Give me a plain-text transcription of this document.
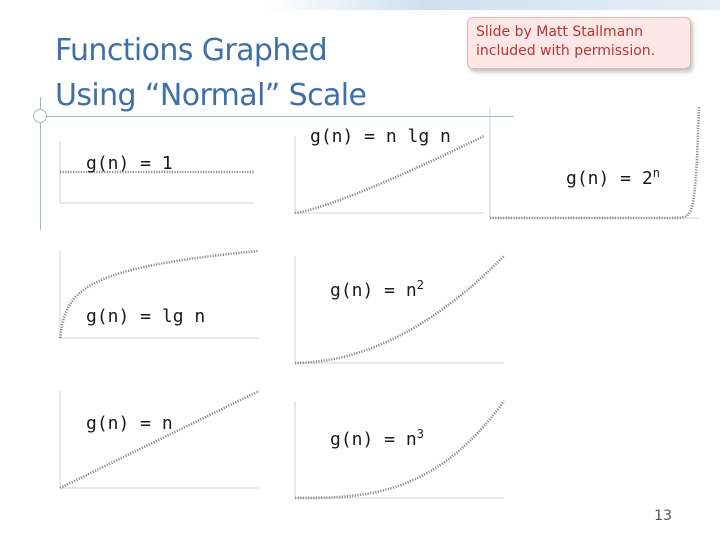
Functions Graphed
Using “Normal” Scale
Slide by Matt Stallmann
included with permission.
g(n) = 1
g(n) = lg n
g(n) = n
g(n) = n lg n
$g(n) = n^2$
$g(n) = n^3$
$g(n) = 2^n$
13
